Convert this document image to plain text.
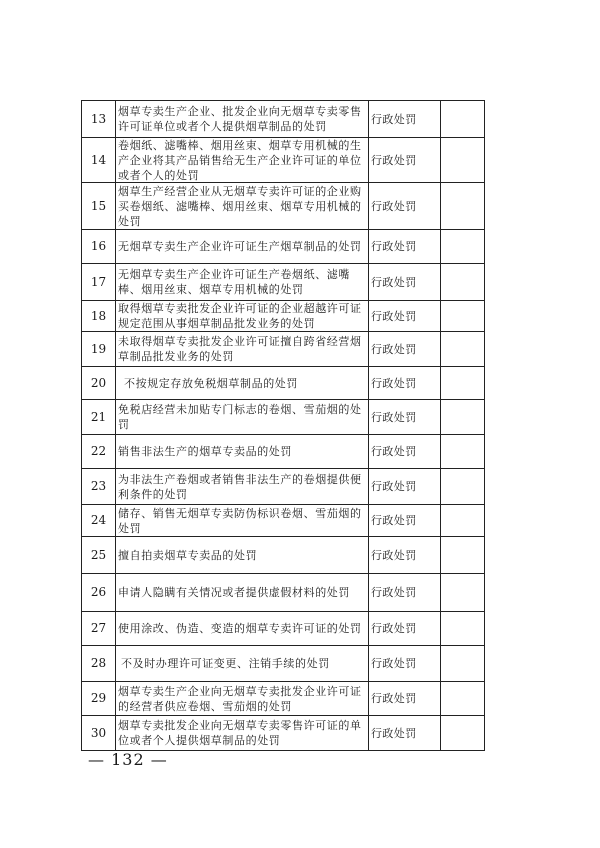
13	烟草专卖生产企业、批发企业向无烟草专卖零售许可证单位或者个人提供烟草制品的处罚
行政处罚
14
卷烟纸、滤嘴棒、烟用丝束、烟草专用机械的生产企业将其产品销售给无生产企业许可证的单位或者个人的处罚
行政处罚
15
烟草生产经营企业从无烟草专卖许可证的企业购买卷烟纸、滤嘴棒、烟用丝束、烟草专用机械的处罚
行政处罚
16	无烟草专卖生产企业许可证生产烟草制品的处罚 行政处罚
17	无烟草专卖生产企业许可证生产卷烟纸、滤嘴棒、烟用丝束、烟草专用机械的处罚
行政处罚
18	取得烟草专卖批发企业许可证的企业超越许可证规定范围从事烟草制品批发业务的处罚
行政处罚
19	未取得烟草专卖批发企业许可证擅自跨省经营烟草制品批发业务的处罚
行政处罚
20	不按规定存放免税烟草制品的处罚	行政处罚
21	免税店经营未加贴专门标志的卷烟、雪茄烟的处罚
行政处罚
22	销售非法生产的烟草专卖品的处罚	行政处罚
23	为非法生产卷烟或者销售非法生产的卷烟提供便利条件的处罚
行政处罚
24	储存、销售无烟草专卖防伪标识卷烟、雪茄烟的处罚
行政处罚
25	擅自拍卖烟草专卖品的处罚	行政处罚
26	申请人隐瞒有关情况或者提供虚假材料的处罚	行政处罚
27	使用涂改、伪造、变造的烟草专卖许可证的处罚 行政处罚
28	不及时办理许可证变更、注销手续的处罚	行政处罚
29	烟草专卖生产企业向无烟草专卖批发企业许可证的经营者供应卷烟、雪茄烟的处罚
行政处罚
30	烟草专卖批发企业向无烟草专卖零售许可证的单位或者个人提供烟草制品的处罚
行政处罚
— 132 —
